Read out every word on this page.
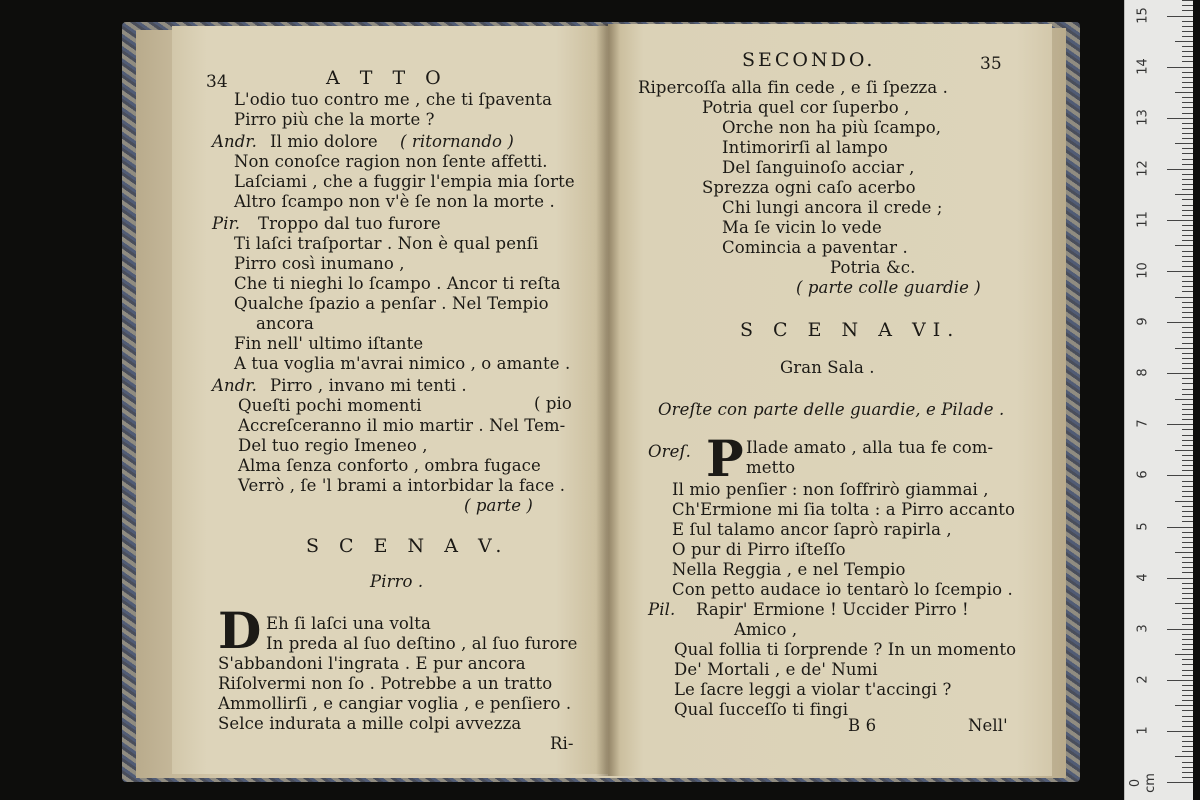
34	A T T O
L'odio tuo contro me , che ti ſpaventa
Pirro più che la morte ?
Andr. Il mio dolore ( ritornando )
Non conoſce ragion non ſente affetti.
Laſciami , che a fuggir l'empia mia ſorte
Altro ſcampo non v'è ſe non la morte .
Pir. Troppo dal tuo furore
Ti laſci traſportar . Non è qual penſi
Pirro così inumano ,
Che ti nieghi lo ſcampo . Ancor ti reſta
Qualche ſpazio a penſar . Nel Tempio
ancora
Fin nell' ultimo iſtante
A tua voglia m'avrai nimico , o amante .
Andr. Pirro , invano mi tenti .
Queſti pochi momenti	( pio
Accreſceranno il mio martir . Nel Tem-
Del tuo regio Imeneo ,
Alma ſenza conforto , ombra fugace
Verrò , ſe 'l brami a intorbidar la face .
( parte )
S C E N A V.
Pirro .
D Eh ſi laſci una volta
In preda al ſuo deſtino , al ſuo furore
S'abbandoni l'ingrata . E pur ancora
Riſolvermi non ſo . Potrebbe a un tratto
Ammollirſi , e cangiar voglia , e penſiero .
Selce indurata a mille colpi avvezza
Ri-
SECONDO.	35
Ripercoſſa alla fin cede , e ſi ſpezza .
Potria quel cor ſuperbo ,
Orche non ha più ſcampo,
Intimorirſi al lampo
Del ſanguinoſo acciar ,
Sprezza ogni caſo acerbo
Chi lungi ancora il crede ;
Ma ſe vicin lo vede
Comincia a paventar .
Potria &c.
( parte colle guardie )
S C E N A VI.
Gran Sala .
Oreſte con parte delle guardie, e Pilade .
Oreſ. P Ilade amato , alla tua fe com-
metto
Il mio penſier : non ſoffrirò giammai ,
Ch'Ermione mi ſia tolta : a Pirro accanto
E ſul talamo ancor ſaprò rapirla ,
O pur di Pirro iſteſſo
Nella Reggia , e nel Tempio
Con petto audace io tentarò lo ſcempio .
Pil. Rapir' Ermione ! Uccider Pirro !
Amico ,
Qual follia ti ſorprende ? In un momento
De' Mortali , e de' Numi
Le ſacre leggi a violar t'accingi ?
Qual ſucceſſo ti fingi
B 6	Nell'
0 cm
1
2
3
4
5
6
7
8
9
10
11
12
13
14
15
